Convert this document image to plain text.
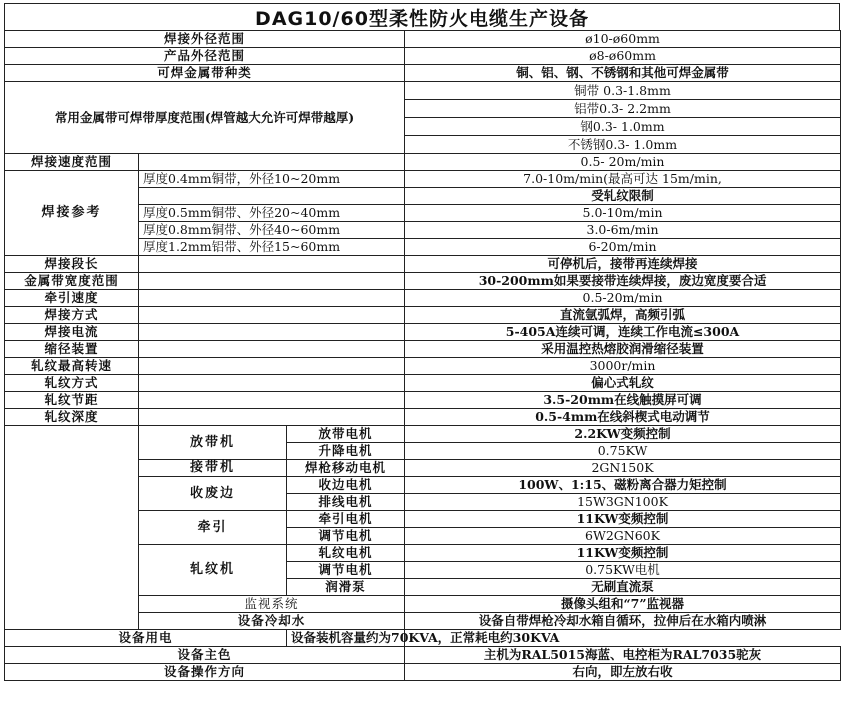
DAG10/60型柔性防火电缆生产设备
焊接外径范围			ø10-ø60mm
产品外径范围			ø8-ø60mm
可焊金属带种类			铜、铝、钢、不锈钢和其他可焊金属带
常用金属带可焊带厚度范围(焊管越大允许可焊带越厚)			铜带 0.3-1.8mm
			铝带0.3- 2.2mm
			钢0.3- 1.0mm
			不锈钢0.3- 1.0mm
焊接速度范围			0.5- 20m/min
焊接参考	厚度0.4mm铜带，外径10~20mm		7.0-10m/min(最高可达 15m/min,
			受轧纹限制
	厚度0.5mm铜带、外径20~40mm		5.0-10m/min
	厚度0.8mm铜带、外径40~60mm		3.0-6m/min
	厚度1.2mm铝带、外径15~60mm		6-20m/min
焊接段长			可停机后，接带再连续焊接
金属带宽度范围			30-200mm如果要接带连续焊接，废边宽度要合适
牵引速度			0.5-20m/min
焊接方式			直流氩弧焊，高频引弧
焊接电流			5-405A连续可调，连续工作电流≤300A
缩径装置			采用温控热熔胶润滑缩径装置
轧纹最高转速			3000r/min
轧纹方式			偏心式轧纹
轧纹节距			3.5-20mm在线触摸屏可调
轧纹深度			0.5-4mm在线斜楔式电动调节
	放带机	放带电机	2.2KW变频控制
		升降电机	0.75KW
	接带机	焊枪移动电机	2GN150K
	收废边	收边电机	100W、1:15、磁粉离合器力矩控制
		排线电机	15W3GN100K
	牵引	牵引电机	11KW变频控制
		调节电机	6W2GN60K
	轧纹机	轧纹电机	11KW变频控制
		调节电机	0.75KW电机
		润滑泵	无刷直流泵
	监视系统		摄像头组和“7”监视器
	设备冷却水		设备自带焊枪冷却水箱自循环，拉伸后在水箱内喷淋
设备用电		设备装机容量约为70KVA，正常耗电约30KVA	
设备主色			主机为RAL5015海蓝、电控柜为RAL7035驼灰
设备操作方向			右向，即左放右收
